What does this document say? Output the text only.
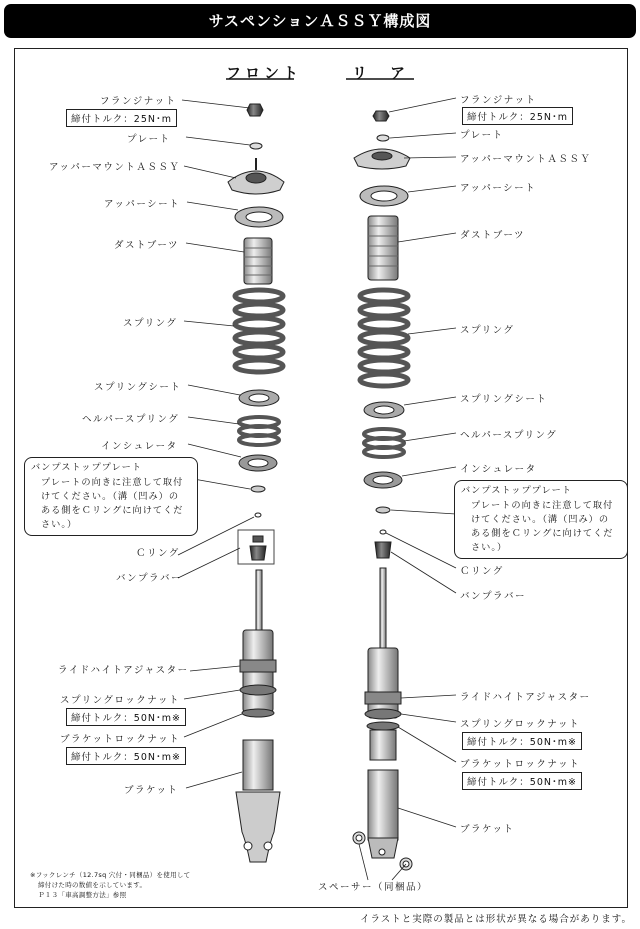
サスペンションＡＳＳＹ構成図
フロント	リ　ア
フランジナット
締付トルク：25N･m
プレート
アッパーマウントＡＳＳＹ
アッパーシート
ダストブーツ
スプリング
スプリングシート
ヘルパースプリング
インシュレータ
バンプストッププレート
プレートの向きに注意して取付
けてください。（溝（凹み）の
ある側をＣリングに向けてくだ
さい。）
Ｃリング
バンプラバー
ライドハイトアジャスター
スプリングロックナット
締付トルク：50N･m※
ブラケットロックナット
締付トルク：50N･m※
ブラケット
フランジナット
締付トルク：25N･m
プレート
アッパーマウントＡＳＳＹ
アッパーシート
ダストブーツ
スプリング
スプリングシート
ヘルパースプリング
インシュレータ
バンプストッププレート
プレートの向きに注意して取付
けてください。（溝（凹み）の
ある側をＣリングに向けてくだ
さい。）
Ｃリング
バンプラバー
ライドハイトアジャスター
スプリングロックナット
締付トルク：50N･m※
ブラケットロックナット
締付トルク：50N･m※
ブラケット
スペーサー（同梱品）
※フックレンチ（12.7sq 穴付・同梱品）を使用して
締付けた時の数値を示しています。
Ｐ１３「車高調整方法」参照
イラストと実際の製品とは形状が異なる場合があります。
